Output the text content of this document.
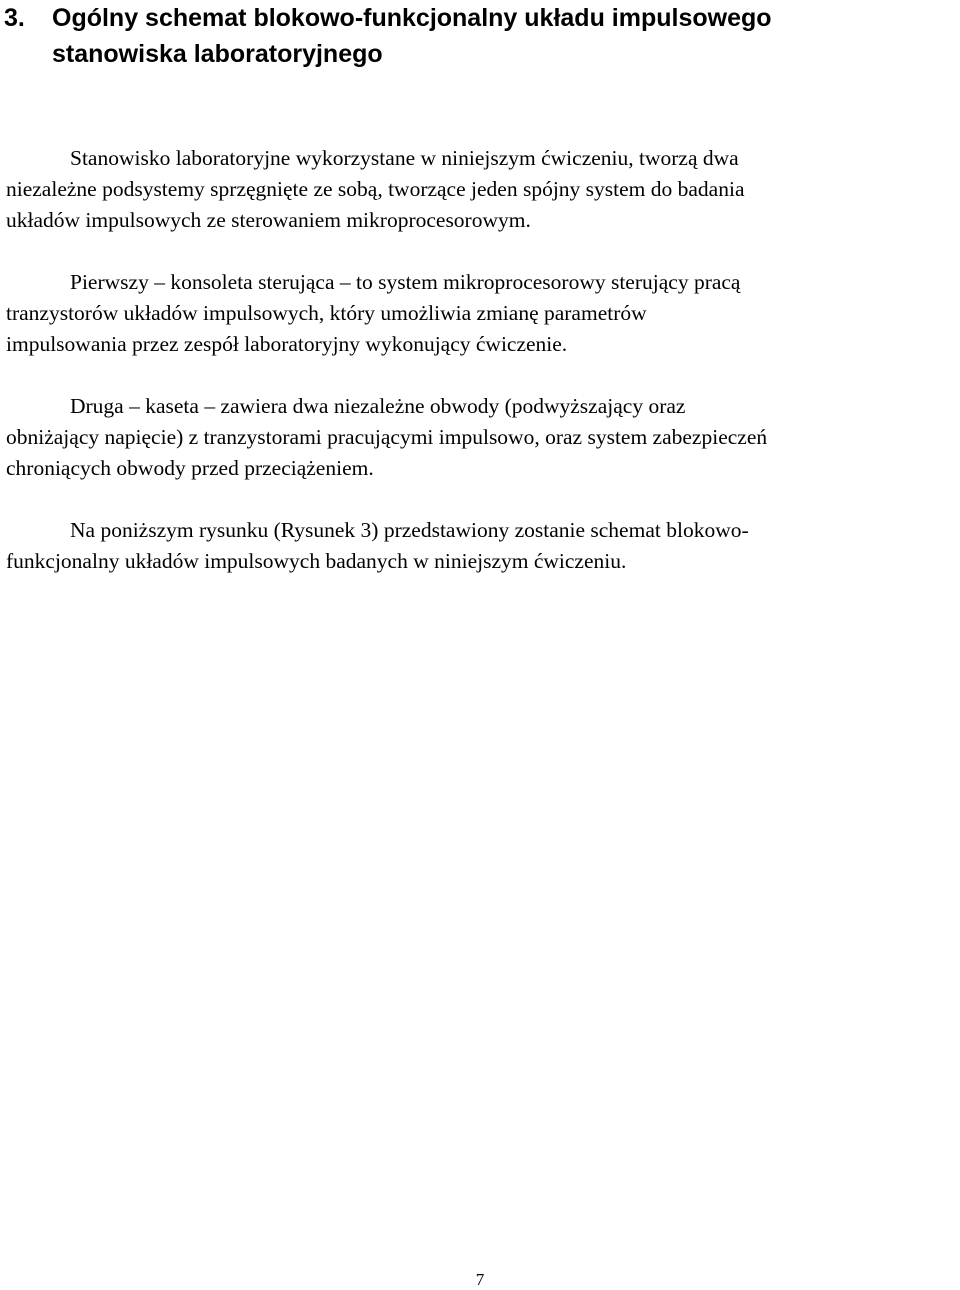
3. Ogólny schemat blokowo-funkcjonalny układu impulsowego
stanowiska laboratoryjnego

Stanowisko laboratoryjne wykorzystane w niniejszym ćwiczeniu, tworzą dwa
niezależne podsystemy sprzęgnięte ze sobą, tworzące jeden spójny system do badania
układów impulsowych ze sterowaniem mikroprocesorowym.

Pierwszy – konsoleta sterująca – to system mikroprocesorowy sterujący pracą
tranzystorów układów impulsowych, który umożliwia zmianę parametrów
impulsowania przez zespół laboratoryjny wykonujący ćwiczenie.

Druga – kaseta – zawiera dwa niezależne obwody (podwyższający oraz
obniżający napięcie) z tranzystorami pracującymi impulsowo, oraz system zabezpieczeń
chroniących obwody przed przeciążeniem.

Na poniższym rysunku (Rysunek 3) przedstawiony zostanie schemat blokowo-
funkcjonalny układów impulsowych badanych w niniejszym ćwiczeniu.

7
